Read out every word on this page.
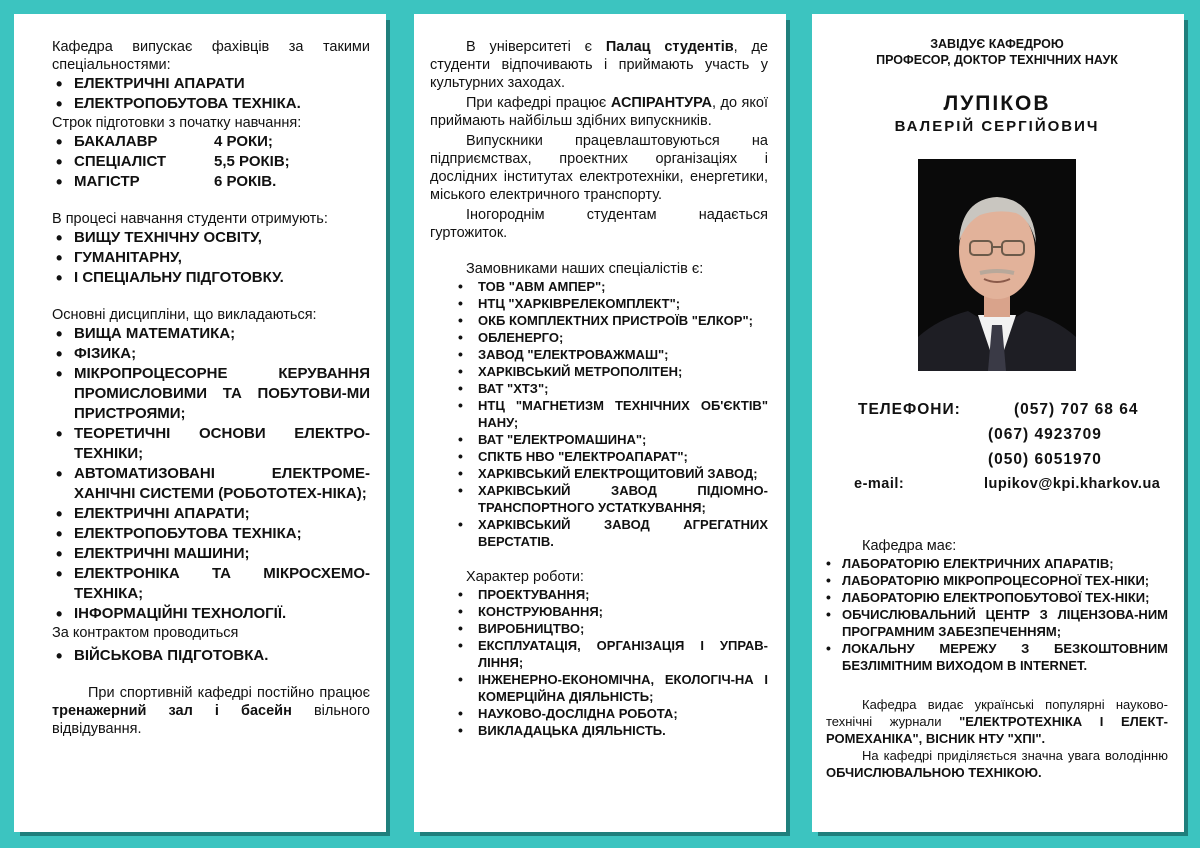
Кафедра випускає фахівців за такими спеціальностями:

• ЕЛЕКТРИЧНІ АПАРАТИ
• ЕЛЕКТРОПОБУТОВА ТЕХНІКА.

Строк підготовки з початку навчання:

• БАКАЛАВР	4 РОКИ;
• СПЕЦІАЛІСТ	5,5 РОКІВ;
• МАГІСТР	6 РОКІВ.

В процесі навчання студенти отримують:

• ВИЩУ ТЕХНІЧНУ ОСВІТУ,
• ГУМАНІТАРНУ,
• І СПЕЦІАЛЬНУ ПІДГОТОВКУ.

Основні дисципліни, що викладаються:

• ВИЩА МАТЕМАТИКА;
• ФІЗИКА;
• МІКРОПРОЦЕСОРНЕ КЕРУВАННЯ ПРОМИСЛОВИМИ ТА ПОБУТОВИ-МИ ПРИСТРОЯМИ;
• ТЕОРЕТИЧНІ ОСНОВИ ЕЛЕКТРО-ТЕХНІКИ;
• АВТОМАТИЗОВАНІ ЕЛЕКТРОМЕ-ХАНІЧНІ СИСТЕМИ (РОБОТОТЕХ-НІКА);
• ЕЛЕКТРИЧНІ АПАРАТИ;
• ЕЛЕКТРОПОБУТОВА ТЕХНІКА;
• ЕЛЕКТРИЧНІ МАШИНИ;
• ЕЛЕКТРОНІКА ТА МІКРОСХЕМО-ТЕХНІКА;
• ІНФОРМАЦІЙНІ ТЕХНОЛОГІЇ.

За контрактом проводиться

• ВІЙСЬКОВА ПІДГОТОВКА.

При спортивній кафедрі постійно працює тренажерний зал і басейн вільного відвідування.

В університеті є Палац студентів, де студенти відпочивають і приймають участь у культурних заходах.

При кафедрі працює АСПІРАНТУРА, до якої приймають найбільш здібних випускників.

Випускники працевлаштовуються на підприємствах, проектних організаціях і дослідних інститутах електротехніки, енергетики, міського електричного транспорту.

Іногороднім студентам надається гуртожиток.

Замовниками наших спеціалістів є:

• ТОВ "АВМ АМПЕР";
• НТЦ "ХАРКІВРЕЛЕКОМПЛЕКТ";
• ОКБ КОМПЛЕКТНИХ ПРИСТРОЇВ "ЕЛКОР";
• ОБЛЕНЕРГО;
• ЗАВОД "ЕЛЕКТРОВАЖМАШ";
• ХАРКІВСЬКИЙ МЕТРОПОЛІТЕН;
• ВАТ "ХТЗ";
• НТЦ "МАГНЕТИЗМ ТЕХНІЧНИХ ОБ'ЄКТІВ" НАНУ;
• ВАТ "ЕЛЕКТРОМАШИНА";
• СПКТБ НВО "ЕЛЕКТРОАПАРАТ";
• ХАРКІВСЬКИЙ ЕЛЕКТРОЩИТОВИЙ ЗАВОД;
• ХАРКІВСЬКИЙ ЗАВОД ПІДІОМНО-ТРАНСПОРТНОГО УСТАТКУВАННЯ;
• ХАРКІВСЬКИЙ ЗАВОД АГРЕГАТНИХ ВЕРСТАТІВ.

Характер роботи:

• ПРОЕКТУВАННЯ;
• КОНСТРУЮВАННЯ;
• ВИРОБНИЦТВО;
• ЕКСПЛУАТАЦІЯ, ОРГАНІЗАЦІЯ І УПРАВ-ЛІННЯ;
• ІНЖЕНЕРНО-ЕКОНОМІЧНА, ЕКОЛОГІЧ-НА І КОМЕРЦІЙНА ДІЯЛЬНІСТЬ;
• НАУКОВО-ДОСЛІДНА РОБОТА;
• ВИКЛАДАЦЬКА ДІЯЛЬНІСТЬ.
ЗАВІДУЄ КАФЕДРОЮ
ПРОФЕСОР, ДОКТОР ТЕХНІЧНИХ НАУК
ЛУПІКОВ
ВАЛЕРІЙ СЕРГІЙОВИЧ
ТЕЛЕФОНИ:	(057) 707 68 64
(067) 4923709
(050) 6051970
e-mail:	lupikov@kpi.kharkov.ua

Кафедра має:

• ЛАБОРАТОРІЮ ЕЛЕКТРИЧНИХ АПАРАТІВ;
• ЛАБОРАТОРІЮ МІКРОПРОЦЕСОРНОЇ ТЕХ-НІКИ;
• ЛАБОРАТОРІЮ ЕЛЕКТРОПОБУТОВОЇ ТЕХ-НІКИ;
• ОБЧИСЛЮВАЛЬНИЙ ЦЕНТР З ЛІЦЕНЗОВА-НИМ ПРОГРАМНИМ ЗАБЕЗПЕЧЕННЯМ;
• ЛОКАЛЬНУ МЕРЕЖУ З БЕЗКОШТОВНИМ БЕЗЛІМІТНИМ ВИХОДОМ В INTERNET.

Кафедра видає українські популярні науково-технічні журнали "ЕЛЕКТРОТЕХНІКА І ЕЛЕКТ-РОМЕХАНІКА", ВІСНИК НТУ "ХПІ".

На кафедрі приділяється значна увага володінню ОБЧИСЛЮВАЛЬНОЮ ТЕХНІКОЮ.
